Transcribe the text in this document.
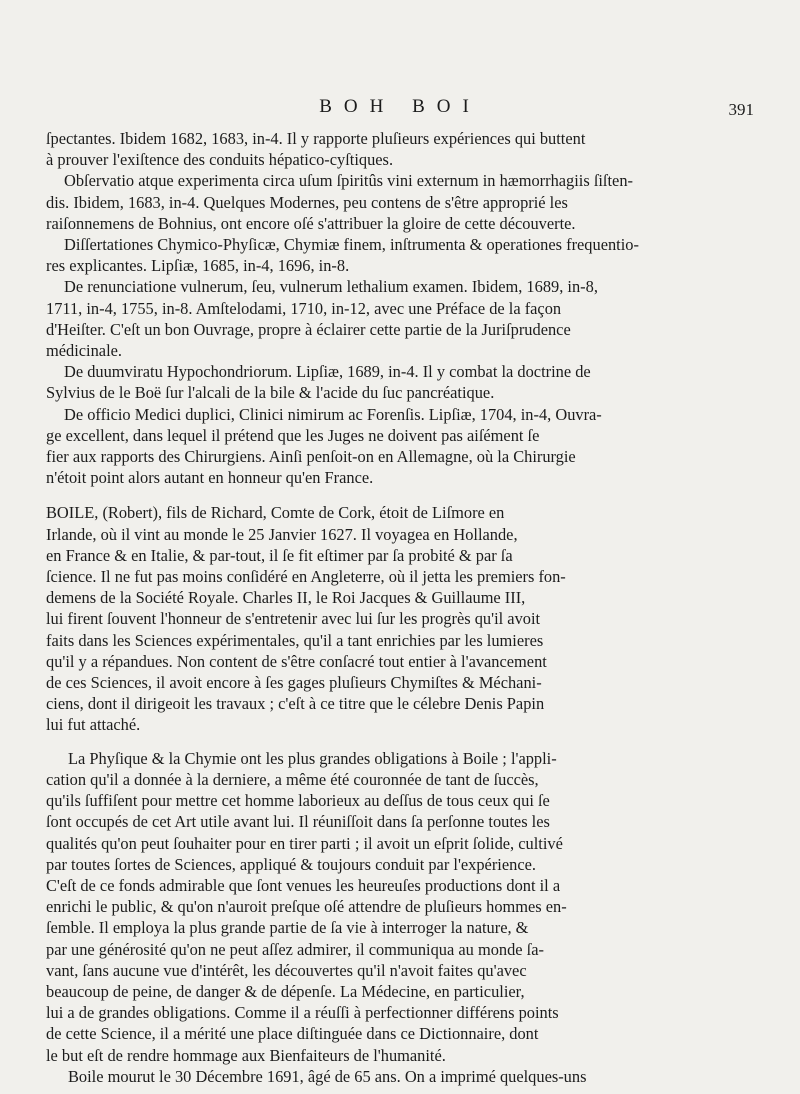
BOH BOI	391
ſpectantes. Ibidem 1682, 1683, in-4. Il y rapporte pluſieurs expériences qui buttent
à prouver l'exiſtence des conduits hépatico-cyſtiques.
Obſervatio atque experimenta circa uſum ſpiritûs vini externum in hæmorrhagiis ſiſten-
dis. Ibidem, 1683, in-4. Quelques Modernes, peu contens de s'être approprié les
raiſonnemens de Bohnius, ont encore oſé s'attribuer la gloire de cette découverte.
Diſſertationes Chymico-Phyſicæ, Chymiæ finem, inſtrumenta & operationes frequentio-
res explicantes. Lipſiæ, 1685, in-4, 1696, in-8.
De renunciatione vulnerum, ſeu, vulnerum lethalium examen. Ibidem, 1689, in-8,
1711, in-4, 1755, in-8. Amſtelodami, 1710, in-12, avec une Préface de la façon
d'Heiſter. C'eſt un bon Ouvrage, propre à éclairer cette partie de la Juriſprudence
médicinale.
De duumviratu Hypochondriorum. Lipſiæ, 1689, in-4. Il y combat la doctrine de
Sylvius de le Boë ſur l'alcali de la bile & l'acide du ſuc pancréatique.
De officio Medici duplici, Clinici nimirum ac Forenſis. Lipſiæ, 1704, in-4, Ouvra-
ge excellent, dans lequel il prétend que les Juges ne doivent pas aiſément ſe
fier aux rapports des Chirurgiens. Ainſi penſoit-on en Allemagne, où la Chirurgie
n'étoit point alors autant en honneur qu'en France.
BOILE, (Robert), fils de Richard, Comte de Cork, étoit de Liſmore en
Irlande, où il vint au monde le 25 Janvier 1627. Il voyagea en Hollande,
en France & en Italie, & par-tout, il ſe fit eſtimer par ſa probité & par ſa
ſcience. Il ne fut pas moins conſidéré en Angleterre, où il jetta les premiers fon-
demens de la Société Royale. Charles II, le Roi Jacques & Guillaume III,
lui firent ſouvent l'honneur de s'entretenir avec lui ſur les progrès qu'il avoit
faits dans les Sciences expérimentales, qu'il a tant enrichies par les lumieres
qu'il y a répandues. Non content de s'être conſacré tout entier à l'avancement
de ces Sciences, il avoit encore à ſes gages pluſieurs Chymiſtes & Méchani-
ciens, dont il dirigeoit les travaux ; c'eſt à ce titre que le célebre Denis Papin
lui fut attaché.
La Phyſique & la Chymie ont les plus grandes obligations à Boile ; l'appli-
cation qu'il a donnée à la derniere, a même été couronnée de tant de ſuccès,
qu'ils ſuffiſent pour mettre cet homme laborieux au deſſus de tous ceux qui ſe
ſont occupés de cet Art utile avant lui. Il réuniſſoit dans ſa perſonne toutes les
qualités qu'on peut ſouhaiter pour en tirer parti ; il avoit un eſprit ſolide, cultivé
par toutes ſortes de Sciences, appliqué & toujours conduit par l'expérience.
C'eſt de ce fonds admirable que ſont venues les heureuſes productions dont il a
enrichi le public, & qu'on n'auroit preſque oſé attendre de pluſieurs hommes en-
ſemble. Il employa la plus grande partie de ſa vie à interroger la nature, &
par une générosité qu'on ne peut aſſez admirer, il communiqua au monde ſa-
vant, ſans aucune vue d'intérêt, les découvertes qu'il n'avoit faites qu'avec
beaucoup de peine, de danger & de dépenſe. La Médecine, en particulier,
lui a de grandes obligations. Comme il a réuſſi à perfectionner différens points
de cette Science, il a mérité une place diſtinguée dans ce Dictionnaire, dont
le but eſt de rendre hommage aux Bienfaiteurs de l'humanité.
Boile mourut le 30 Décembre 1691, âgé de 65 ans. On a imprimé quelques-uns
